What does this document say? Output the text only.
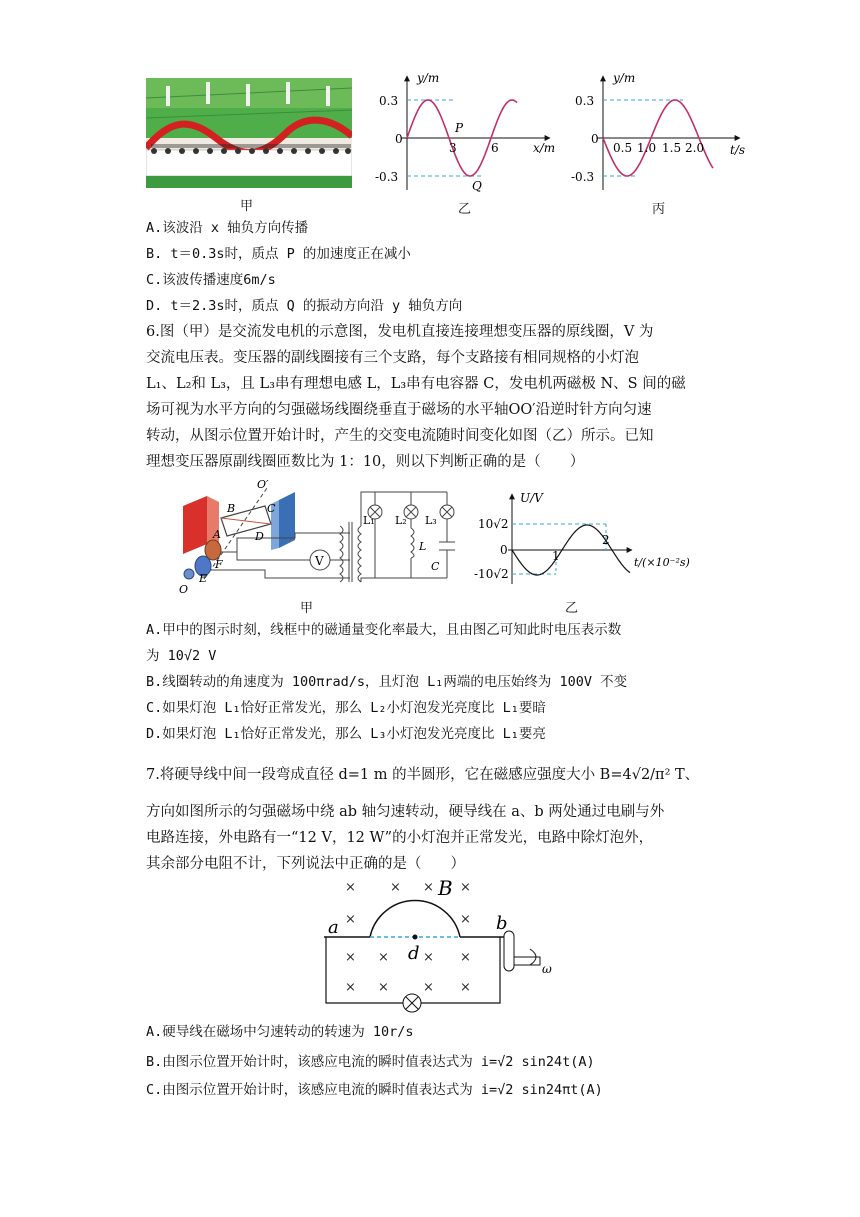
甲
y/m
x/m
0.3
0
-0.3
3	6
P
Q
乙
y/m
t/s
0.3
0
-0.3
0.5 1.0 1.5 2.0
丙
A.该波沿 x 轴负方向传播
B. t＝0.3s时，质点 P 的加速度正在减小
C.该波传播速度6m/s
D. t＝2.3s时，质点 Q 的振动方向沿 y 轴负方向
6.图（甲）是交流发电机的示意图，发电机直接连接理想变压器的原线圈，V 为
交流电压表。变压器的副线圈接有三个支路，每个支路接有相同规格的小灯泡
L₁、L₂和 L₃，且 L₃串有理想电感 L，L₃串有电容器 C，发电机两磁极 N、S 间的磁
场可视为水平方向的匀强磁场线圈绕垂直于磁场的水平轴OO′沿逆时针方向匀速
转动，从图示位置开始计时，产生的交变电流随时间变化如图（乙）所示。已知
理想变压器原副线圈匝数比为 1：10，则以下判断正确的是（　　）
V
O′
B	C
A	D
F
E
O
L₁ L₂ L₃
L
C
甲
U/V
t/(×10⁻²s)
10√2
0
-10√2
1
2
乙
A.甲中的图示时刻，线框中的磁通量变化率最大，且由图乙可知此时电压表示数
为 10√2 V
B.线圈转动的角速度为 100πrad/s，且灯泡 L₁两端的电压始终为 100V 不变
C.如果灯泡 L₁恰好正常发光，那么 L₂小灯泡发光亮度比 L₁要暗
D.如果灯泡 L₁恰好正常发光，那么 L₃小灯泡发光亮度比 L₁要亮
7.将硬导线中间一段弯成直径 d=1 m 的半圆形，它在磁感应强度大小 B=4√2/π² T、
方向如图所示的匀强磁场中绕 ab 轴匀速转动，硬导线在 a、b 两处通过电刷与外
电路连接，外电路有一“12 V，12 W”的小灯泡并正常发光，电路中除灯泡外，
其余部分电阻不计，下列说法中正确的是（　　）
×	× × ×
×	×
× ×	× ×
× ×	× ×
B
a	b
d
ω
A.硬导线在磁场中匀速转动的转速为 10r/s
B.由图示位置开始计时，该感应电流的瞬时值表达式为 i=√2 sin24t(A)
C.由图示位置开始计时，该感应电流的瞬时值表达式为 i=√2 sin24πt(A)
